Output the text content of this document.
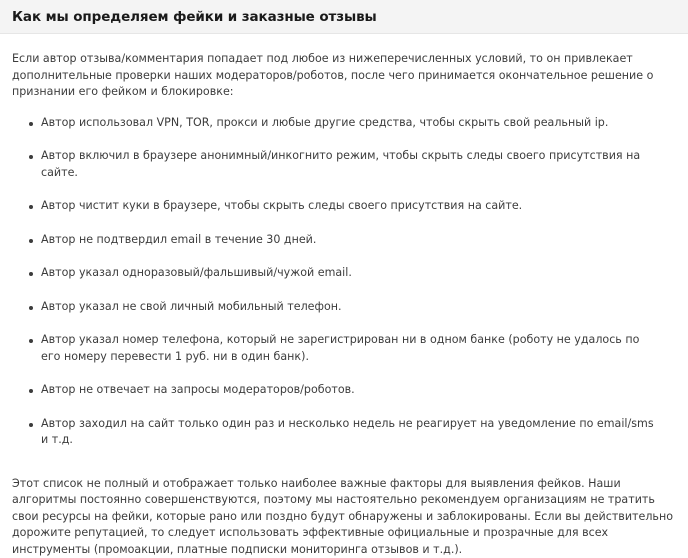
Как мы определяем фейки и заказные отзывы

Если автор отзыва/комментария попадает под любое из нижеперечисленных условий, то он привлекает дополнительные проверки наших модераторов/роботов, после чего принимается окончательное решение о признании его фейком и блокировке:

Автор использовал VPN, TOR, прокси и любые другие средства, чтобы скрыть свой реальный ip.
Автор включил в браузере анонимный/инкогнито режим, чтобы скрыть следы своего присутствия на сайте.
Автор чистит куки в браузере, чтобы скрыть следы своего присутствия на сайте.
Автор не подтвердил email в течение 30 дней.
Автор указал одноразовый/фальшивый/чужой email.
Автор указал не свой личный мобильный телефон.
Автор указал номер телефона, который не зарегистрирован ни в одном банке (роботу не удалось по его номеру перевести 1 руб. ни в один банк).
Автор не отвечает на запросы модераторов/роботов.
Автор заходил на сайт только один раз и несколько недель не реагирует на уведомление по email/sms и т.д.

Этот список не полный и отображает только наиболее важные факторы для выявления фейков. Наши алгоритмы постоянно совершенствуются, поэтому мы настоятельно рекомендуем организациям не тратить свои ресурсы на фейки, которые рано или поздно будут обнаружены и заблокированы. Если вы действительно дорожите репутацией, то следует использовать эффективные официальные и прозрачные для всех инструменты (промоакции, платные подписки мониторинга отзывов и т.д.).
